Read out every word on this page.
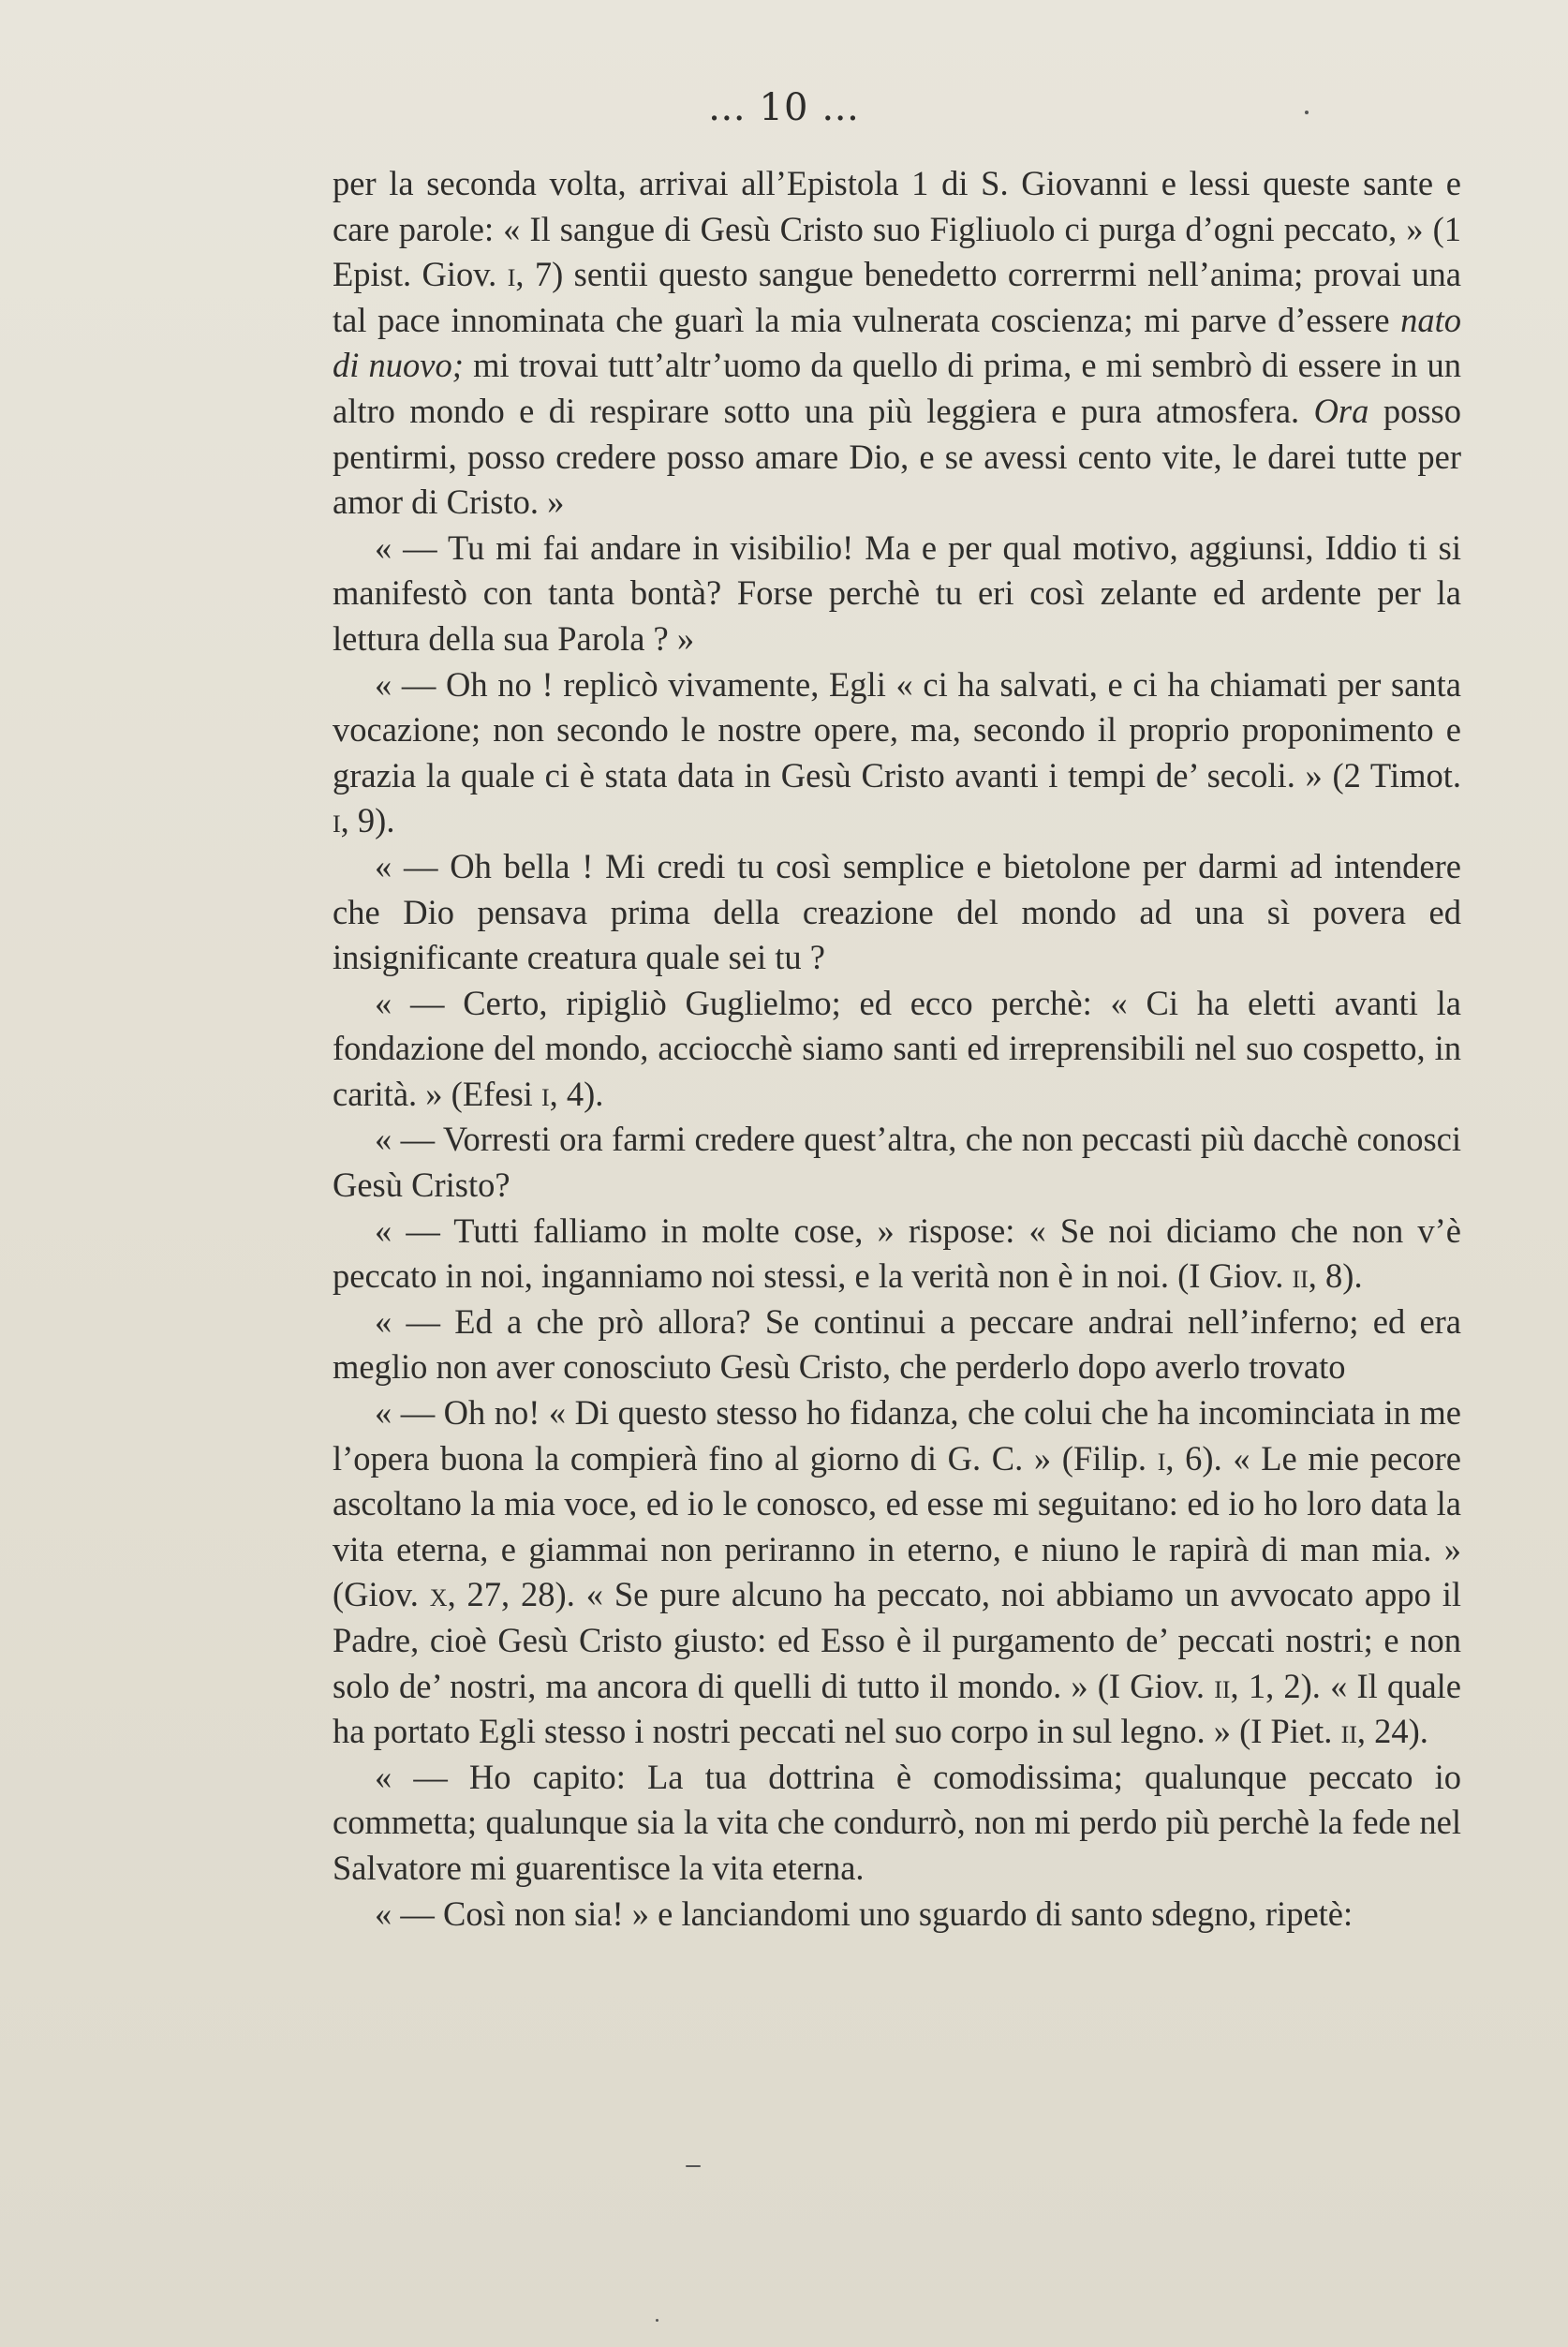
… 10 …

per la seconda volta, arrivai all’Epistola 1 di S. Giovanni e lessi queste sante e care parole: « Il sangue di Gesù Cristo suo Figliuolo ci purga d’ogni peccato, » (1 Epist. Giov. i, 7) sentii questo sangue benedetto correrrmi nell’anima; provai una tal pace innominata che guarì la mia vulnerata coscienza; mi parve d’essere nato di nuovo; mi trovai tutt’altr’uomo da quello di prima, e mi sembrò di essere in un altro mondo e di respirare sotto una più leggiera e pura atmosfera. Ora posso pentirmi, posso credere posso amare Dio, e se avessi cento vite, le darei tutte per amor di Cristo. »

« — Tu mi fai andare in visibilio! Ma e per qual motivo, aggiunsi, Iddio ti si manifestò con tanta bontà? Forse perchè tu eri così zelante ed ardente per la lettura della sua Parola ? »

« — Oh no ! replicò vivamente, Egli « ci ha salvati, e ci ha chiamati per santa vocazione; non secondo le nostre opere, ma, secondo il proprio proponimento e grazia la quale ci è stata data in Gesù Cristo avanti i tempi de’ secoli. » (2 Timot. i, 9).

« — Oh bella ! Mi credi tu così semplice e bietolone per darmi ad intendere che Dio pensava prima della creazione del mondo ad una sì povera ed insignificante creatura quale sei tu ?

« — Certo, ripigliò Guglielmo; ed ecco perchè: « Ci ha eletti avanti la fondazione del mondo, acciocchè siamo santi ed irreprensibili nel suo cospetto, in carità. » (Efesi i, 4).

« — Vorresti ora farmi credere quest’altra, che non peccasti più dacchè conosci Gesù Cristo?

« — Tutti falliamo in molte cose, » rispose: « Se noi diciamo che non v’è peccato in noi, inganniamo noi stessi, e la verità non è in noi. (I Giov. ii, 8).

« — Ed a che prò allora? Se continui a peccare andrai nell’inferno; ed era meglio non aver conosciuto Gesù Cristo, che perderlo dopo averlo trovato

« — Oh no! « Di questo stesso ho fidanza, che colui che ha incominciata in me l’opera buona la compierà fino al giorno di G. C. » (Filip. i, 6). « Le mie pecore ascoltano la mia voce, ed io le conosco, ed esse mi seguitano: ed io ho loro data la vita eterna, e giammai non periranno in eterno, e niuno le rapirà di man mia. » (Giov. x, 27, 28). « Se pure alcuno ha peccato, noi abbiamo un avvocato appo il Padre, cioè Gesù Cristo giusto: ed Esso è il purgamento de’ peccati nostri; e non solo de’ nostri, ma ancora di quelli di tutto il mondo. » (I Giov. ii, 1, 2). « Il quale ha portato Egli stesso i nostri peccati nel suo corpo in sul legno. » (I Piet. ii, 24).

« — Ho capito: La tua dottrina è comodissima; qualunque peccato io commetta; qualunque sia la vita che condurrò, non mi perdo più perchè la fede nel Salvatore mi guarentisce la vita eterna.

« — Così non sia! » e lanciandomi uno sguardo di santo sdegno, ripetè:
